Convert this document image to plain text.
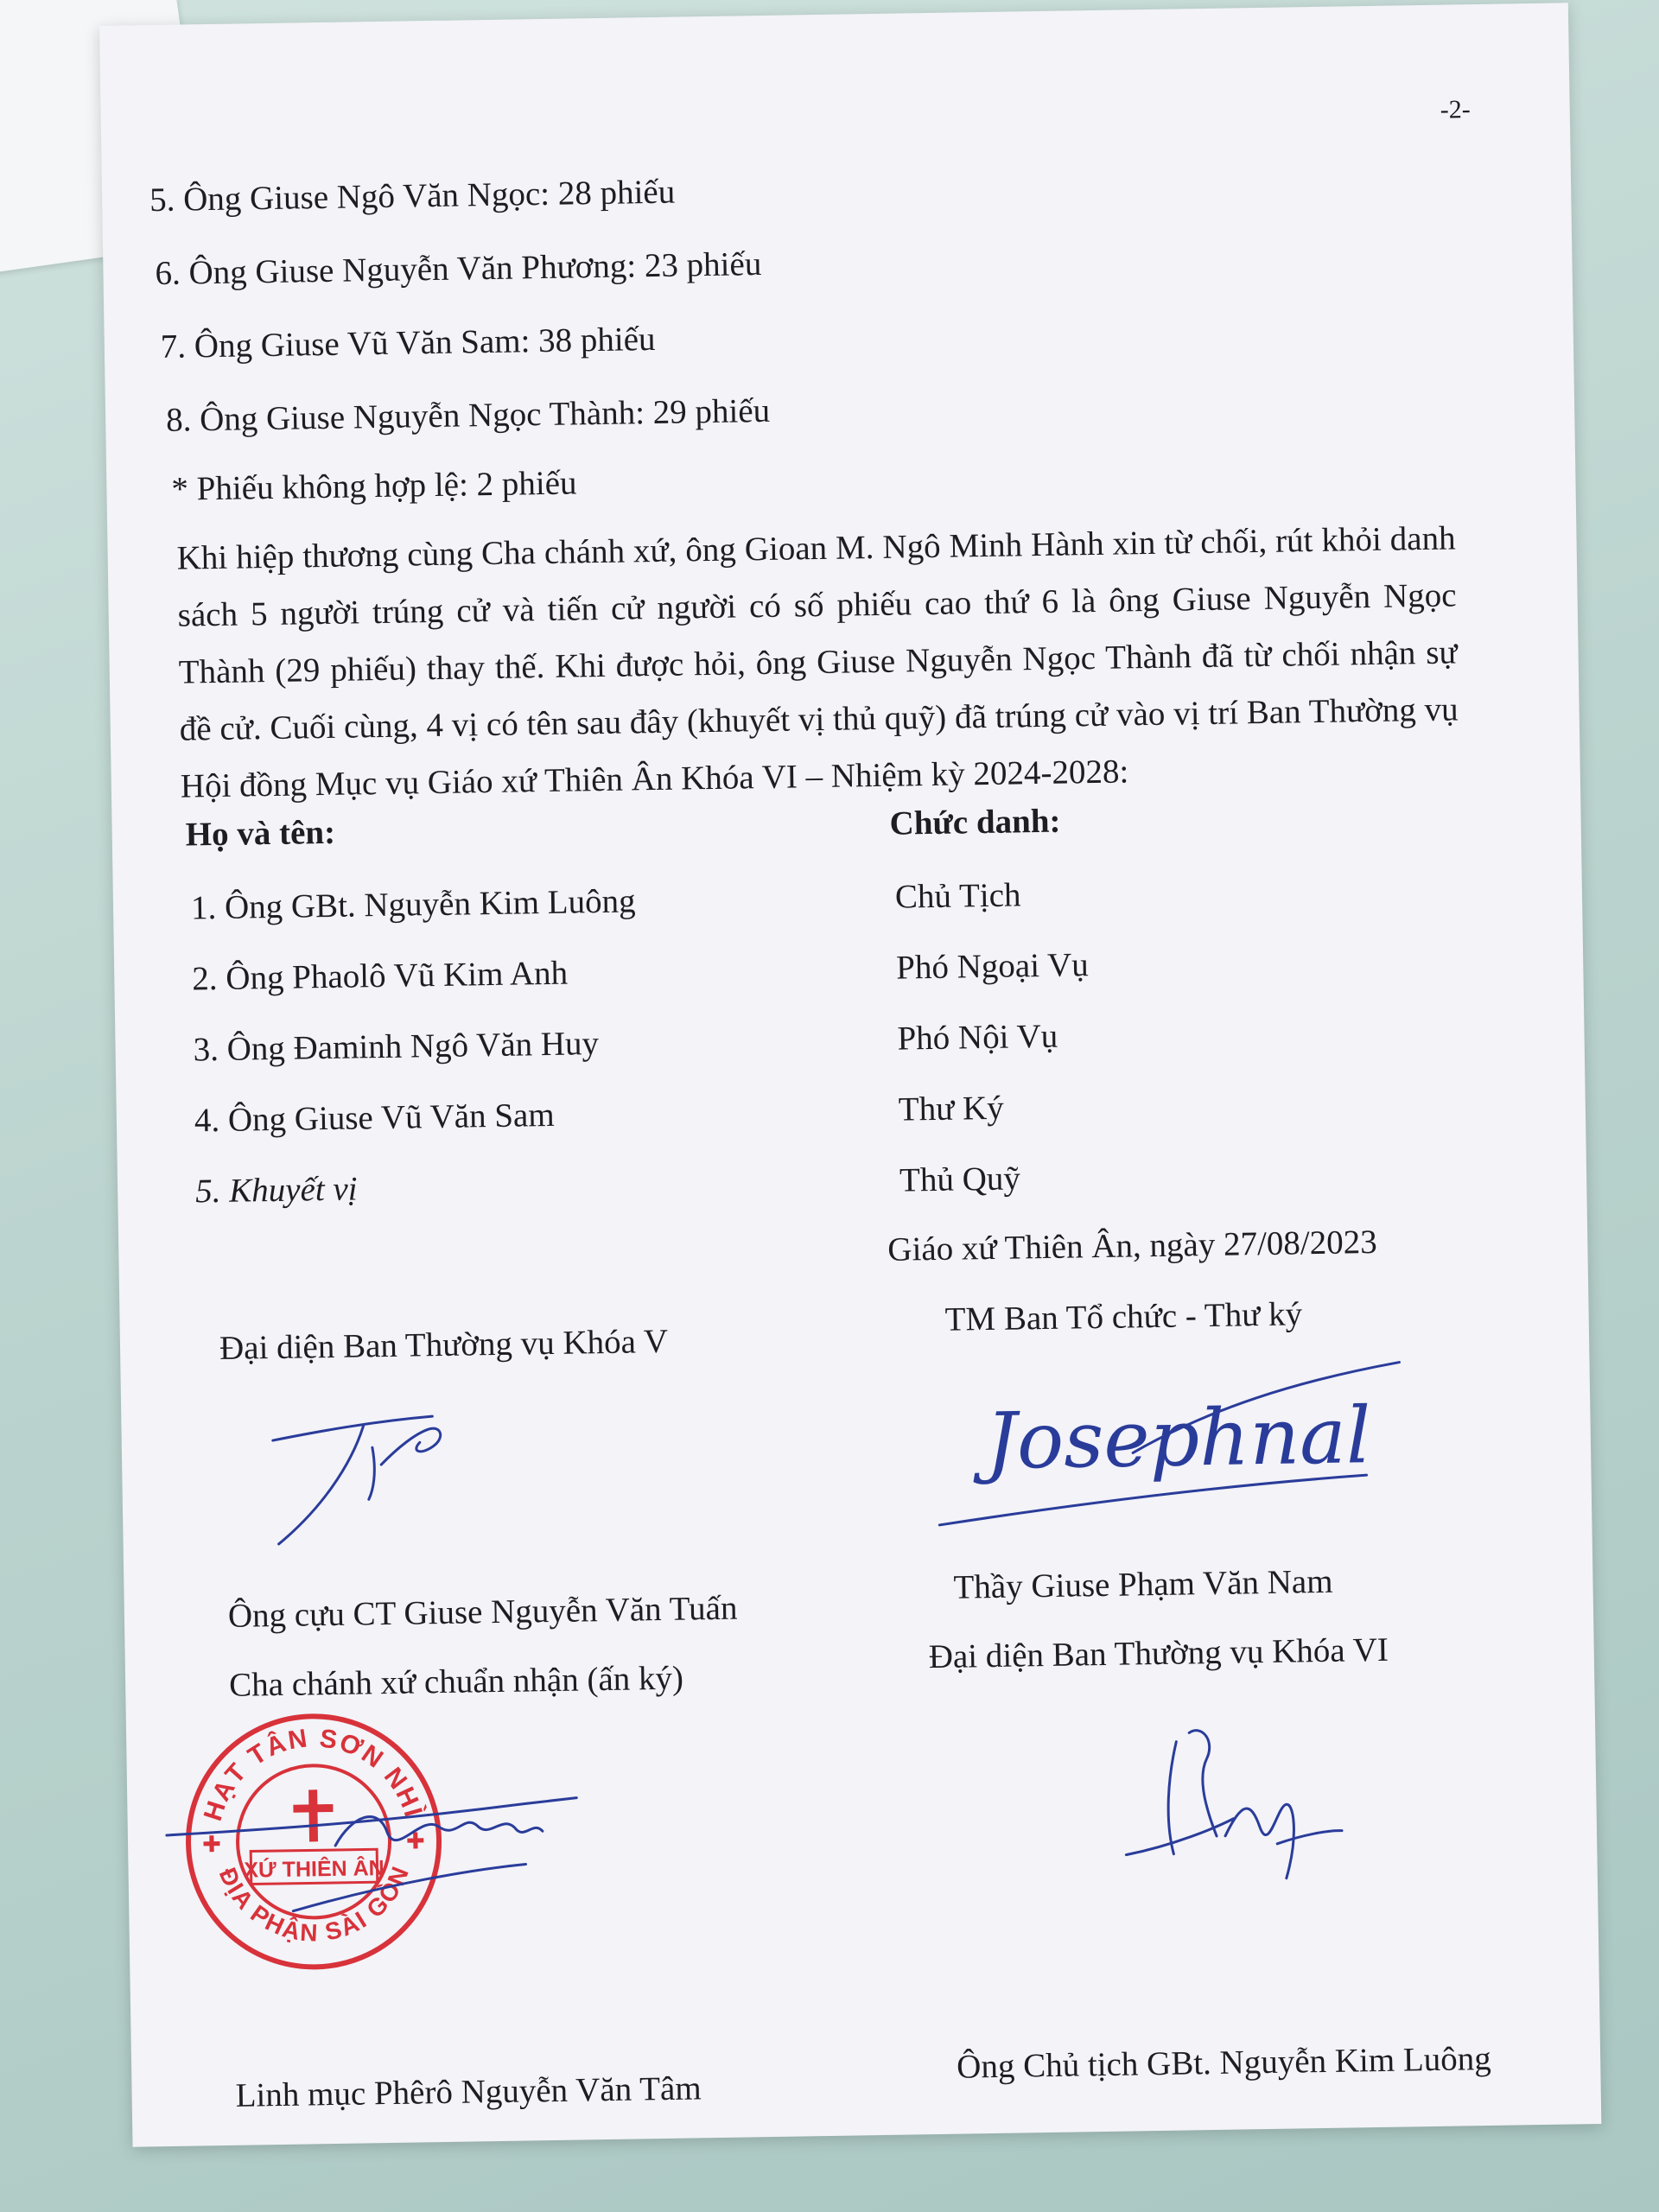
-2-
5. Ông Giuse Ngô Văn Ngọc: 28 phiếu
6. Ông Giuse Nguyễn Văn Phương: 23 phiếu
7. Ông Giuse Vũ Văn Sam: 38 phiếu
8. Ông Giuse Nguyễn Ngọc Thành: 29 phiếu
* Phiếu không hợp lệ: 2 phiếu
Khi hiệp thương cùng Cha chánh xứ, ông Gioan M. Ngô Minh Hành xin từ chối, rút khỏi danh sách 5 người trúng cử và tiến cử người có số phiếu cao thứ 6 là ông Giuse Nguyễn Ngọc Thành (29 phiếu) thay thế. Khi được hỏi, ông Giuse Nguyễn Ngọc Thành đã từ chối nhận sự đề cử. Cuối cùng, 4 vị có tên sau đây (khuyết vị thủ quỹ) đã trúng cử vào vị trí Ban Thường vụ Hội đồng Mục vụ Giáo xứ Thiên Ân Khóa VI – Nhiệm kỳ 2024-2028:
Họ và tên:	Chức danh:
1. Ông GBt. Nguyễn Kim Luông
2. Ông Phaolô Vũ Kim Anh
3. Ông Đaminh Ngô Văn Huy
4. Ông Giuse Vũ Văn Sam
5. Khuyết vị
Chủ Tịch
Phó Ngoại Vụ
Phó Nội Vụ
Thư Ký
Thủ Quỹ
Giáo xứ Thiên Ân, ngày 27/08/2023
Đại diện Ban Thường vụ Khóa V
TM Ban Tổ chức - Thư ký
Josephnal
Ông cựu CT Giuse Nguyễn Văn Tuấn
Thầy Giuse Phạm Văn Nam
Cha chánh xứ chuẩn nhận (ấn ký)
Đại diện Ban Thường vụ Khóa VI
HẠT TÂN SƠN NHÌ
ĐỊA PHẬN SÀI GÒN
XỨ THIÊN ÂN
✚	✚
Linh mục Phêrô Nguyễn Văn Tâm
Ông Chủ tịch GBt. Nguyễn Kim Luông
